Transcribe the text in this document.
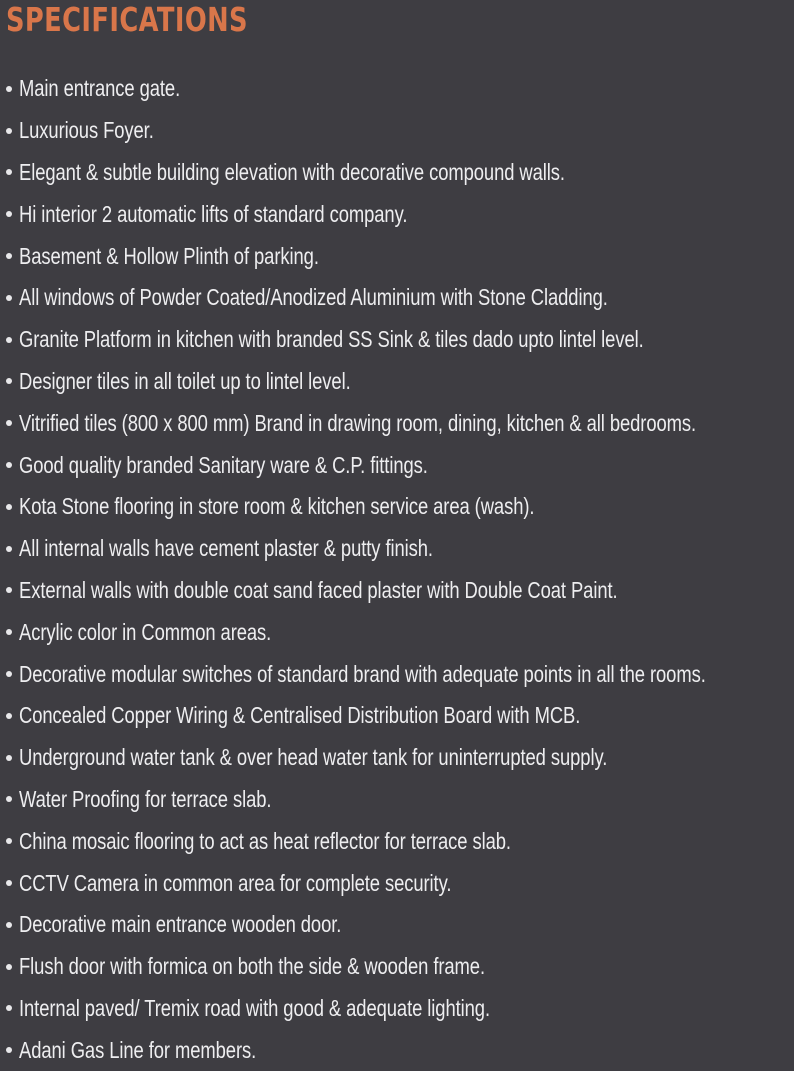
SPECIFICATIONS
Main entrance gate.
Luxurious Foyer.
Elegant & subtle building elevation with decorative compound walls.
Hi interior 2 automatic lifts of standard company.
Basement & Hollow Plinth of parking.
All windows of Powder Coated/Anodized Aluminium with Stone Cladding.
Granite Platform in kitchen with branded SS Sink & tiles dado upto lintel level.
Designer tiles in all toilet up to lintel level.
Vitrified tiles (800 x 800 mm) Brand in drawing room, dining, kitchen & all bedrooms.
Good quality branded Sanitary ware & C.P. fittings.
Kota Stone flooring in store room & kitchen service area (wash).
All internal walls have cement plaster & putty finish.
External walls with double coat sand faced plaster with Double Coat Paint.
Acrylic color in Common areas.
Decorative modular switches of standard brand with adequate points in all the rooms.
Concealed Copper Wiring & Centralised Distribution Board with MCB.
Underground water tank & over head water tank for uninterrupted supply.
Water Proofing for terrace slab.
China mosaic flooring to act as heat reflector for terrace slab.
CCTV Camera in common area for complete security.
Decorative main entrance wooden door.
Flush door with formica on both the side & wooden frame.
Internal paved/ Tremix road with good & adequate lighting.
Adani Gas Line for members.
